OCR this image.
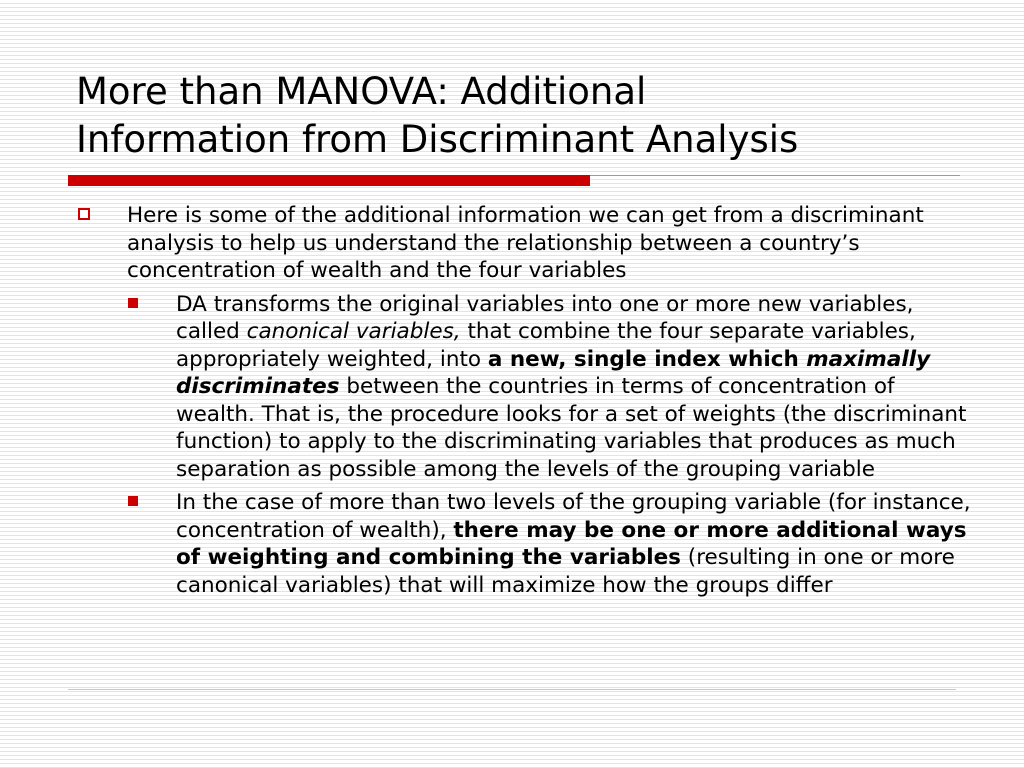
More than MANOVA: Additional
Information from Discriminant Analysis
Here is some of the additional information we can get from a discriminant analysis to help us understand the relationship between a country’s concentration of wealth and the four variables
DA transforms the original variables into one or more new variables, called canonical variables, that combine the four separate variables, appropriately weighted, into a new, single index which maximally discriminates between the countries in terms of concentration of wealth. That is, the procedure looks for a set of weights (the discriminant function) to apply to the discriminating variables that produces as much separation as possible among the levels of the grouping variable
In the case of more than two levels of the grouping variable (for instance, concentration of wealth), there may be one or more additional ways of weighting and combining the variables (resulting in one or more canonical variables) that will maximize how the groups differ
